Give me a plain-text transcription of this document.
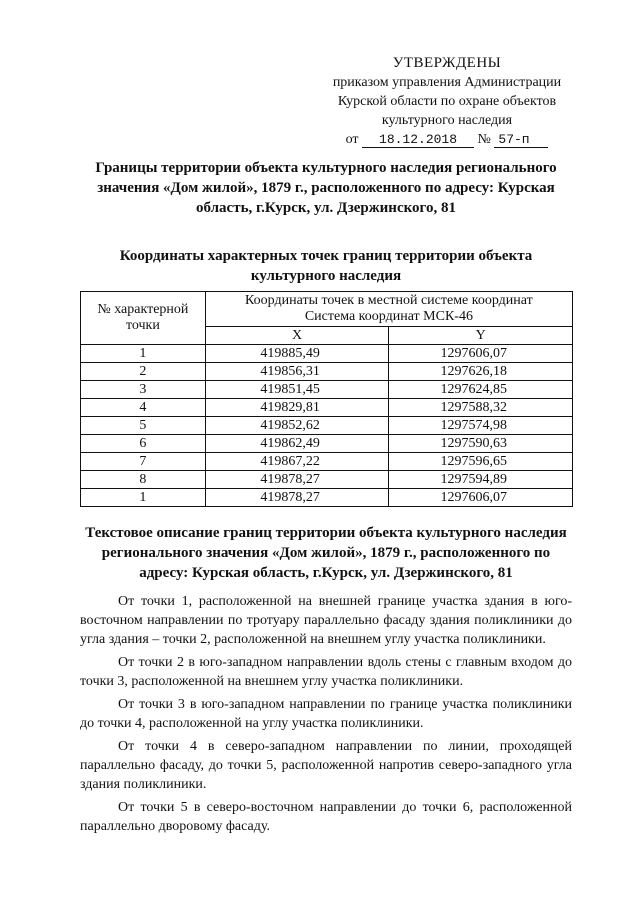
УТВЕРЖДЕНЫ
приказом управления Администрации
Курской области по охране объектов
культурного наследия
от 18.12.2018 № 57-п
Границы территории объекта культурного наследия регионального значения «Дом жилой», 1879 г., расположенного по адресу: Курская область, г.Курск, ул. Дзержинского, 81
Координаты характерных точек границ территории объекта культурного наследия
№ характерной точки	Координаты точек в местной системе координат
Система координат МСК-46	
	X	Y
1	419885,49	1297606,07
2	419856,31	1297626,18
3	419851,45	1297624,85
4	419829,81	1297588,32
5	419852,62	1297574,98
6	419862,49	1297590,63
7	419867,22	1297596,65
8	419878,27	1297594,89
1	419878,27	1297606,07
Текстовое описание границ территории объекта культурного наследия регионального значения «Дом жилой», 1879 г., расположенного по адресу: Курская область, г.Курск, ул. Дзержинского, 81

От точки 1, расположенной на внешней границе участка здания в юго-восточном направлении по тротуару параллельно фасаду здания поликлиники до угла здания – точки 2, расположенной на внешнем углу участка поликлиники.

От точки 2 в юго-западном направлении вдоль стены с главным входом до точки 3, расположенной на внешнем углу участка поликлиники.

От точки 3 в юго-западном направлении по границе участка поликлиники до точки 4, расположенной на углу участка поликлиники.

От точки 4 в северо-западном направлении по линии, проходящей параллельно фасаду, до точки 5, расположенной напротив северо-западного угла здания поликлиники.

От точки 5 в северо-восточном направлении до точки 6, расположенной параллельно дворовому фасаду.
